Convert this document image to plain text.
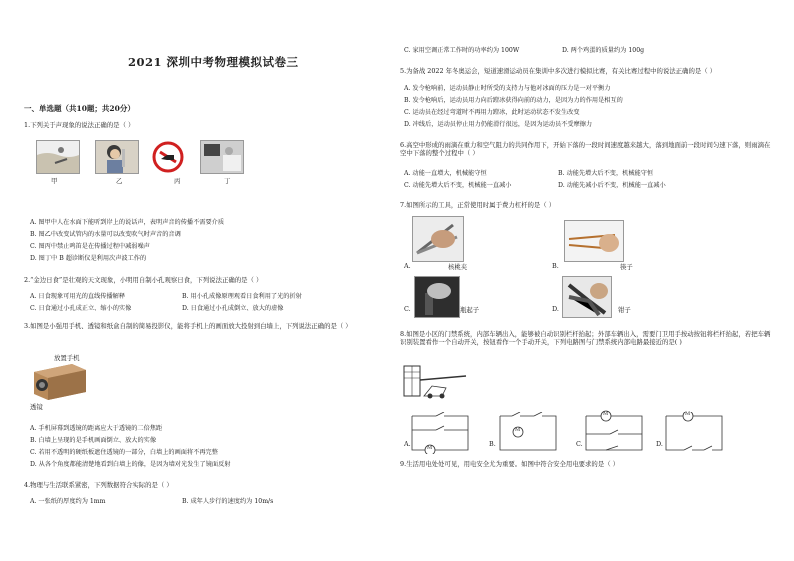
2021 深圳中考物理模拟试卷三
一、单选题（共10题；共20分）
1.下列关于声现象的说法正确的是（ ）
甲	乙	丙	丁
A. 图甲中人在水面下能听到岸上的说话声，表明声音的传播不需要介质
B. 图乙中改变试管内的水量可以改变吹气时声音的音调
C. 图丙中禁止鸣笛是在传播过程中减弱噪声
D. 图丁中 B 超诊断仪是利用次声波工作的
2.“金边日食”是壮观的天文现象，小明用自制小孔观察日食，下列说法正确的是（ ）
A. 日食现象可用光的直线传播解释	B. 用小孔成像原理观看日食利用了光的折射
C. 日食通过小孔成正立、缩小的实像	D. 日食通过小孔成倒立、放大的虚像
3.如图是小强用手机、透镜和纸盒自制的简易投影仪，能将手机上的画面放大投射到白墙上，下列说法正确的是（ ）
放置手机
透镜
A. 手机屏幕到透镜的距离应大于透镜的二倍焦距
B. 白墙上呈现的是手机画面倒立、放大的实像
C. 若用不透明的硬纸板遮住透镜的一部分，白墙上的画面将不再完整
D. 从各个角度都能清楚地看到白墙上的像，是因为墙对光发生了镜面反射
4.物理与生活联系紧密，下列数据符合实际的是（ ）
A. 一张纸的厚度约为 1mm	B. 成年人步行的速度约为 10m/s
C. 家用空调正常工作时的功率约为 100W	D. 两个鸡蛋的质量约为 100g
5.为备战 2022 年冬奥运会，短道速滑运动员在集训中多次进行模拟比赛，有关比赛过程中的说法正确的是（ ）
A. 发令枪响前，运动员静止时所受的支持力与他对冰面的压力是一对平衡力
B. 发令枪响后，运动员用力向后蹬冰获得向前的动力，是因为力的作用是相互的
C. 运动员在经过弯道时不再用力蹬冰，此时运动状态不发生改变
D. 冲线后，运动员停止用力仍能滑行很远，是因为运动员不受摩擦力
6.高空中形成的雨滴在重力和空气阻力的共同作用下，开始下落的一段时间速度越来越大，落到地面前一段时间匀速下落，则雨滴在空中下落的整个过程中（ ）
A. 动能一直增大，机械能守恒	B. 动能先增大后不变，机械能守恒
C. 动能先增大后不变，机械能一直减小	D. 动能先减小后不变，机械能一直减小
7.如图所示的工具，正常使用时属于费力杠杆的是（ ）
A.	核桃夹	B.	筷子
C.	瓶起子	D.	钳子
8.如图是小区的门禁系统，内部车辆出入，能够被自动识别栏杆抬起；外部车辆出入，需要门卫用手按动按钮将栏杆抬起，若把车辆识别装置看作一个自动开关，按钮看作一个手动开关，下列电路图与门禁系统内部电路最接近的是( )
M
A.
M
B.
M
C.
M
D.
9.生活用电处处可见，用电安全尤为重要。如图中符合安全用电要求的是（ ）
